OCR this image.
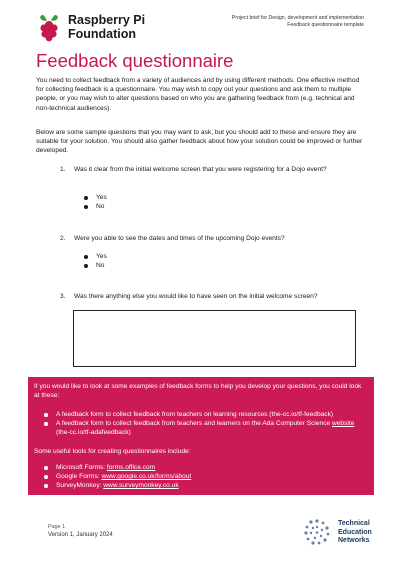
Raspberry Pi
Foundation
Project brief for Design, development and implementation
Feedback questionnaire template
Feedback questionnaire

You need to collect feedback from a variety of audiences and by using different methods. One effective method for collecting feedback is a questionnaire. You may wish to copy out your questions and ask them to multiple people, or you may wish to alter questions based on who you are gathering feedback from (e.g. technical and non-technical audiences).

Below are some sample questions that you may want to ask, but you should add to these and ensure they are suitable for your solution. You should also gather feedback about how your solution could be improved or further developed.

1. Was it clear from the initial welcome screen that you were registering for a Dojo event?
Yes
No
2. Were you able to see the dates and times of the upcoming Dojo events?
Yes
No
3. Was there anything else you would like to have seen on the initial welcome screen?

If you would like to look at some examples of feedback forms to help you develop your questions, you could look at these:

A feedback form to collect feedback from teachers on learning resources (the-cc.io/tf-feedback)
A feedback form to collect feedback from teachers and learners on the Ada Computer Science website (the-cc.io/tf-adafeedback)

Some useful tools for creating questionnaires include:

Microsoft Forms: forms.office.com
Google Forms: www.google.co.uk/forms/about
SurveyMonkey: www.surveymonkey.co.uk
Page 1
Version 1, January 2024
Technical
Education
Networks
